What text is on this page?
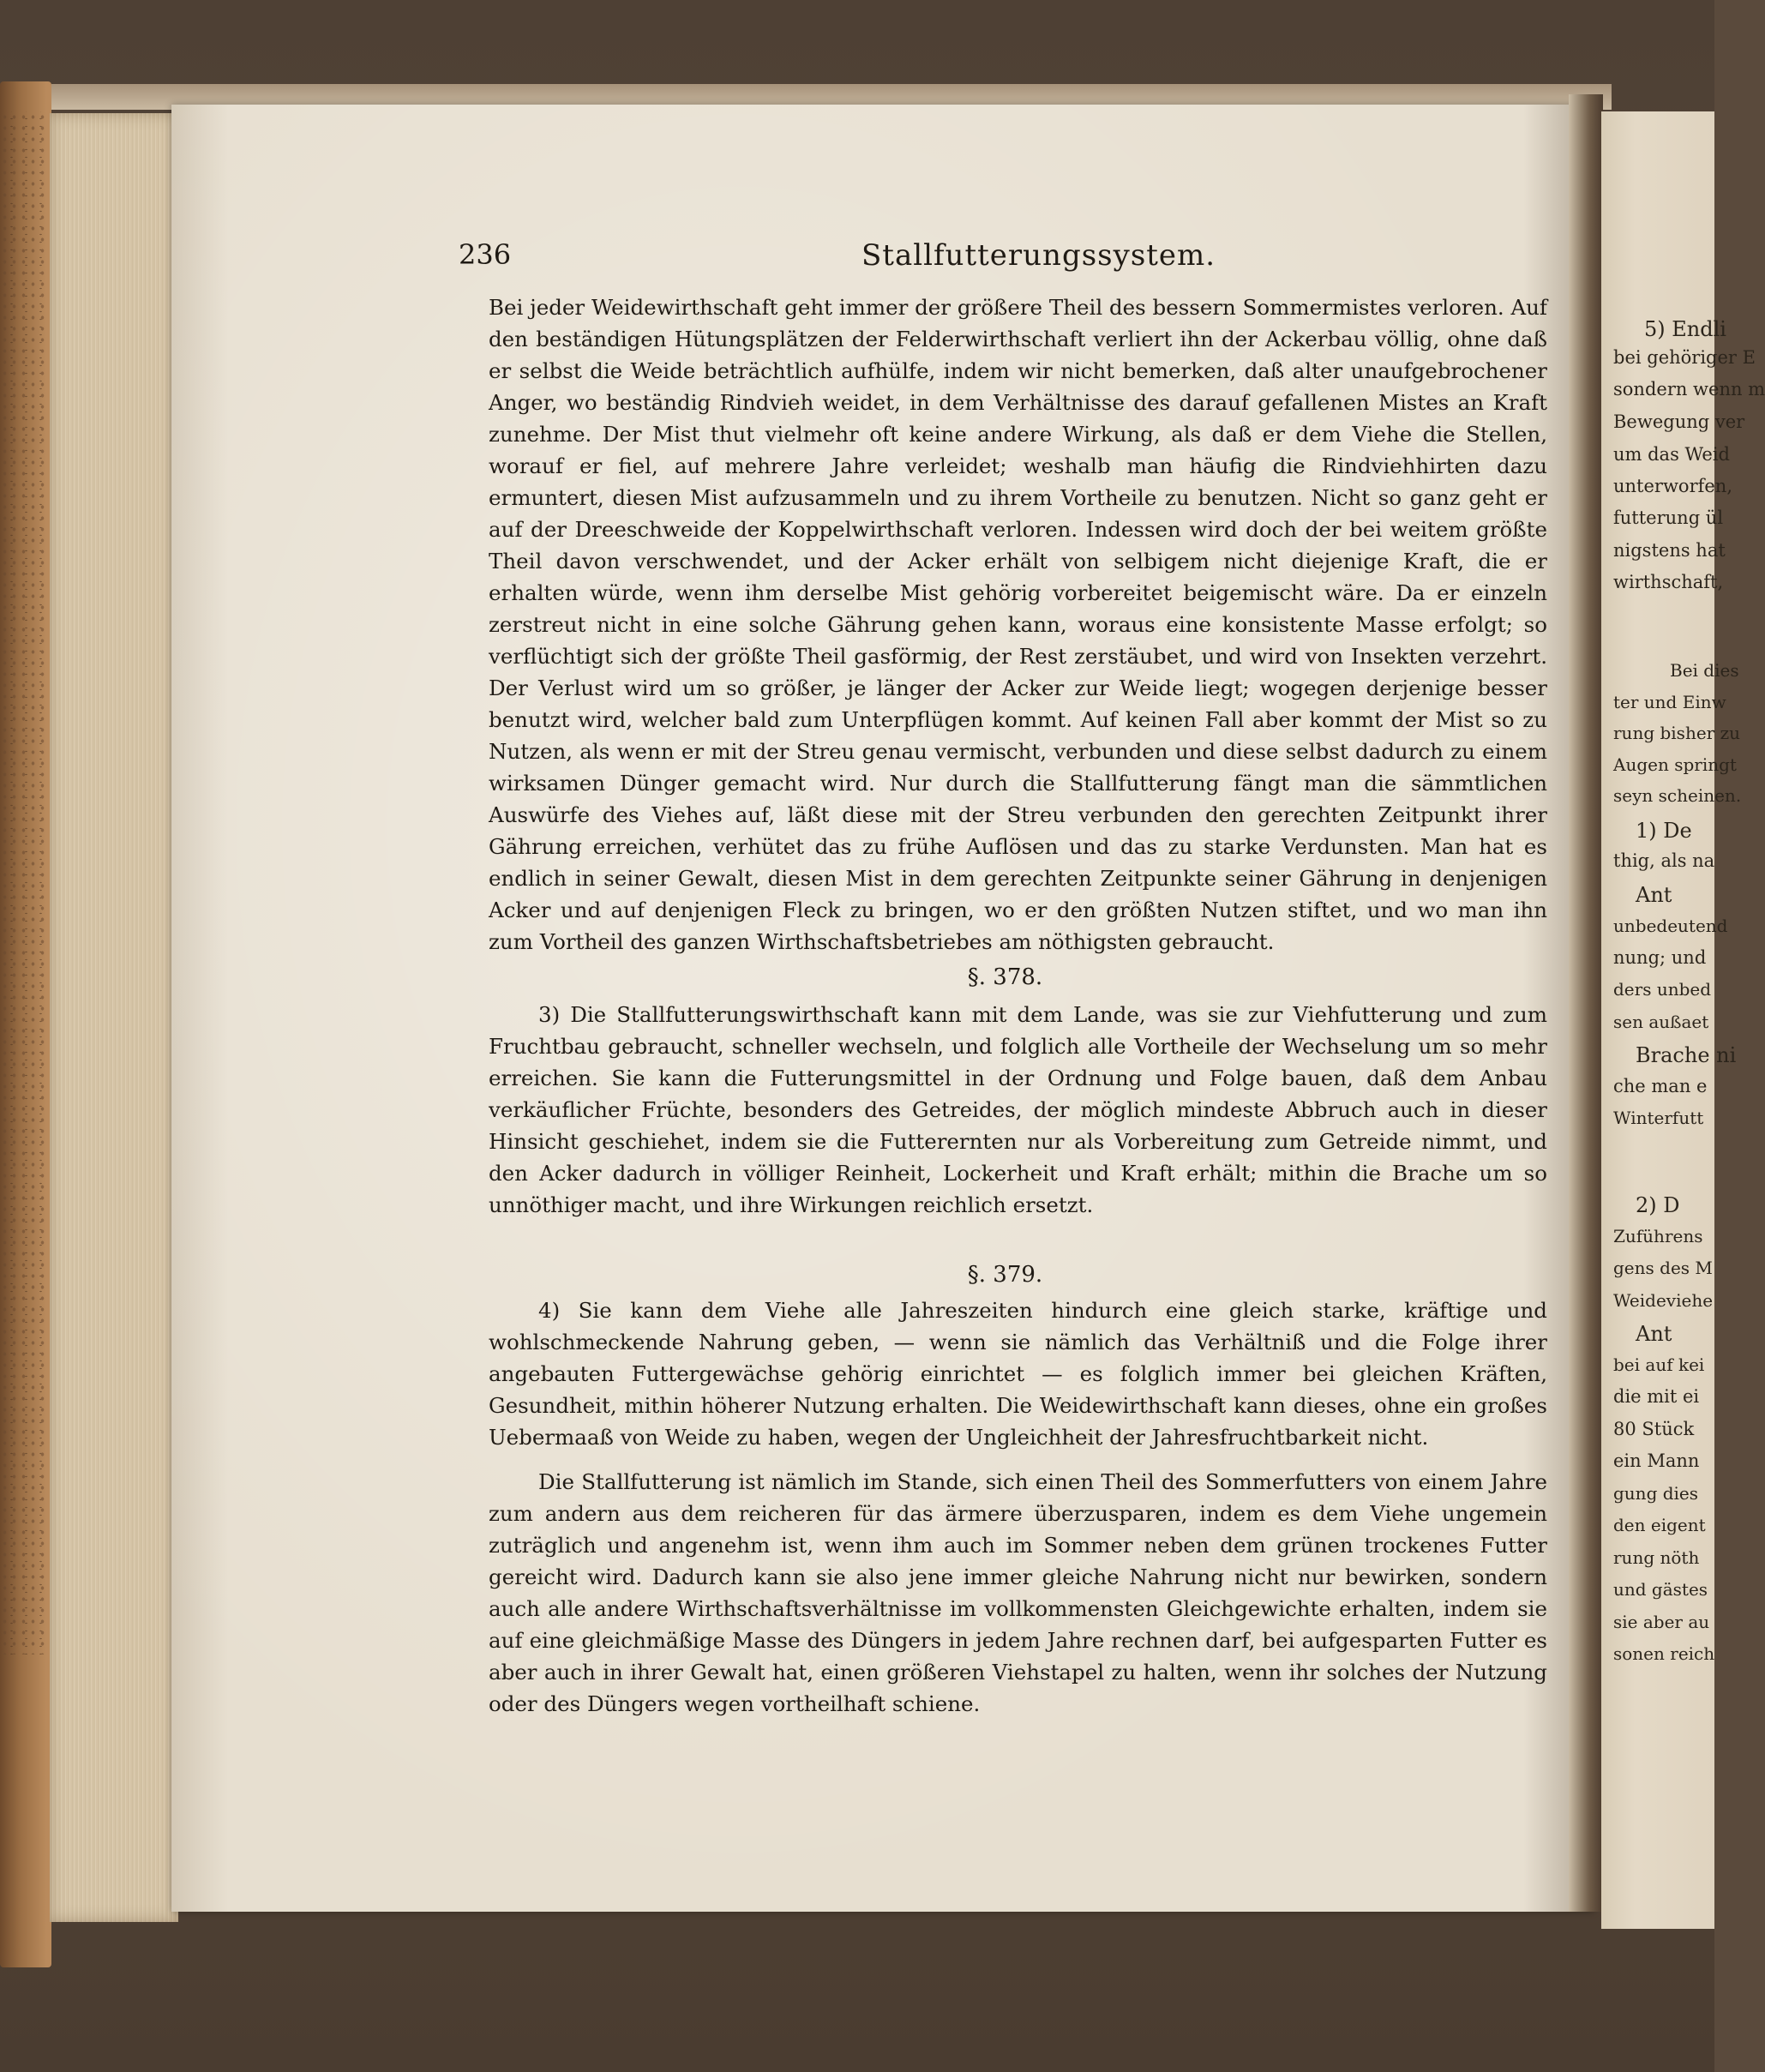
5) Endli
bei gehöriger E
sondern wenn m
Bewegung ver
um das Weid
unterworfen,
futterung ül
nigstens hat
wirthschaft,
Bei dies
ter und Einw
rung bisher zu
Augen springt
seyn scheinen.
1) De
thig, als na
Ant
unbedeutend
nung; und
ders unbed
sen außaet
Brache ni
che man e
Winterfutt
2) D
Zuführens
gens des M
Weideviehe
Ant
bei auf kei
die mit ei
80 Stück
ein Mann
gung dies
den eigent
rung nöth
und gästes
sie aber au
sonen reich
236	Stallfutterungssystem.

Bei jeder Weidewirthschaft geht immer der größere Theil des bessern Sommermistes verloren. Auf den beständigen Hütungsplätzen der Felderwirthschaft verliert ihn der Ackerbau völlig, ohne daß er selbst die Weide beträchtlich aufhülfe, indem wir nicht bemerken, daß alter unaufgebrochener Anger, wo beständig Rindvieh weidet, in dem Verhältnisse des darauf gefallenen Mistes an Kraft zunehme. Der Mist thut vielmehr oft keine andere Wirkung, als daß er dem Viehe die Stellen, worauf er fiel, auf mehrere Jahre verleidet; weshalb man häufig die Rindviehhirten dazu ermuntert, diesen Mist aufzusammeln und zu ihrem Vortheile zu benutzen. Nicht so ganz geht er auf der Dreeschweide der Koppelwirthschaft verloren. Indessen wird doch der bei weitem größte Theil davon verschwendet, und der Acker erhält von selbigem nicht diejenige Kraft, die er erhalten würde, wenn ihm derselbe Mist gehörig vorbereitet beigemischt wäre. Da er einzeln zerstreut nicht in eine solche Gährung gehen kann, woraus eine konsistente Masse erfolgt; so verflüchtigt sich der größte Theil gasförmig, der Rest zerstäubet, und wird von Insekten verzehrt. Der Verlust wird um so größer, je länger der Acker zur Weide liegt; wogegen derjenige besser benutzt wird, welcher bald zum Unterpflügen kommt. Auf keinen Fall aber kommt der Mist so zu Nutzen, als wenn er mit der Streu genau vermischt, verbunden und diese selbst dadurch zu einem wirksamen Dünger gemacht wird. Nur durch die Stallfutterung fängt man die sämmtlichen Auswürfe des Viehes auf, läßt diese mit der Streu verbunden den gerechten Zeitpunkt ihrer Gährung erreichen, verhütet das zu frühe Auflösen und das zu starke Verdunsten. Man hat es endlich in seiner Gewalt, diesen Mist in dem gerechten Zeitpunkte seiner Gährung in denjenigen Acker und auf denjenigen Fleck zu bringen, wo er den größten Nutzen stiftet, und wo man ihn zum Vortheil des ganzen Wirthschaftsbetriebes am nöthigsten gebraucht.

§. 378.

3) Die Stallfutterungswirthschaft kann mit dem Lande, was sie zur Viehfutterung und zum Fruchtbau gebraucht, schneller wechseln, und folglich alle Vortheile der Wechselung um so mehr erreichen. Sie kann die Futterungsmittel in der Ordnung und Folge bauen, daß dem Anbau verkäuflicher Früchte, besonders des Getreides, der möglich mindeste Abbruch auch in dieser Hinsicht geschiehet, indem sie die Futterernten nur als Vorbereitung zum Getreide nimmt, und den Acker dadurch in völliger Reinheit, Lockerheit und Kraft erhält; mithin die Brache um so unnöthiger macht, und ihre Wirkungen reichlich ersetzt.

§. 379.

4) Sie kann dem Viehe alle Jahreszeiten hindurch eine gleich starke, kräftige und wohlschmeckende Nahrung geben, — wenn sie nämlich das Verhältniß und die Folge ihrer angebauten Futtergewächse gehörig einrichtet — es folglich immer bei gleichen Kräften, Gesundheit, mithin höherer Nutzung erhalten. Die Weidewirthschaft kann dieses, ohne ein großes Uebermaaß von Weide zu haben, wegen der Ungleichheit der Jahresfruchtbarkeit nicht.

Die Stallfutterung ist nämlich im Stande, sich einen Theil des Sommerfutters von einem Jahre zum andern aus dem reicheren für das ärmere überzusparen, indem es dem Viehe ungemein zuträglich und angenehm ist, wenn ihm auch im Sommer neben dem grünen trockenes Futter gereicht wird. Dadurch kann sie also jene immer gleiche Nahrung nicht nur bewirken, sondern auch alle andere Wirthschaftsverhältnisse im vollkommensten Gleichgewichte erhalten, indem sie auf eine gleichmäßige Masse des Düngers in jedem Jahre rechnen darf, bei aufgesparten Futter es aber auch in ihrer Gewalt hat, einen größeren Viehstapel zu halten, wenn ihr solches der Nutzung oder des Düngers wegen vortheilhaft schiene.
